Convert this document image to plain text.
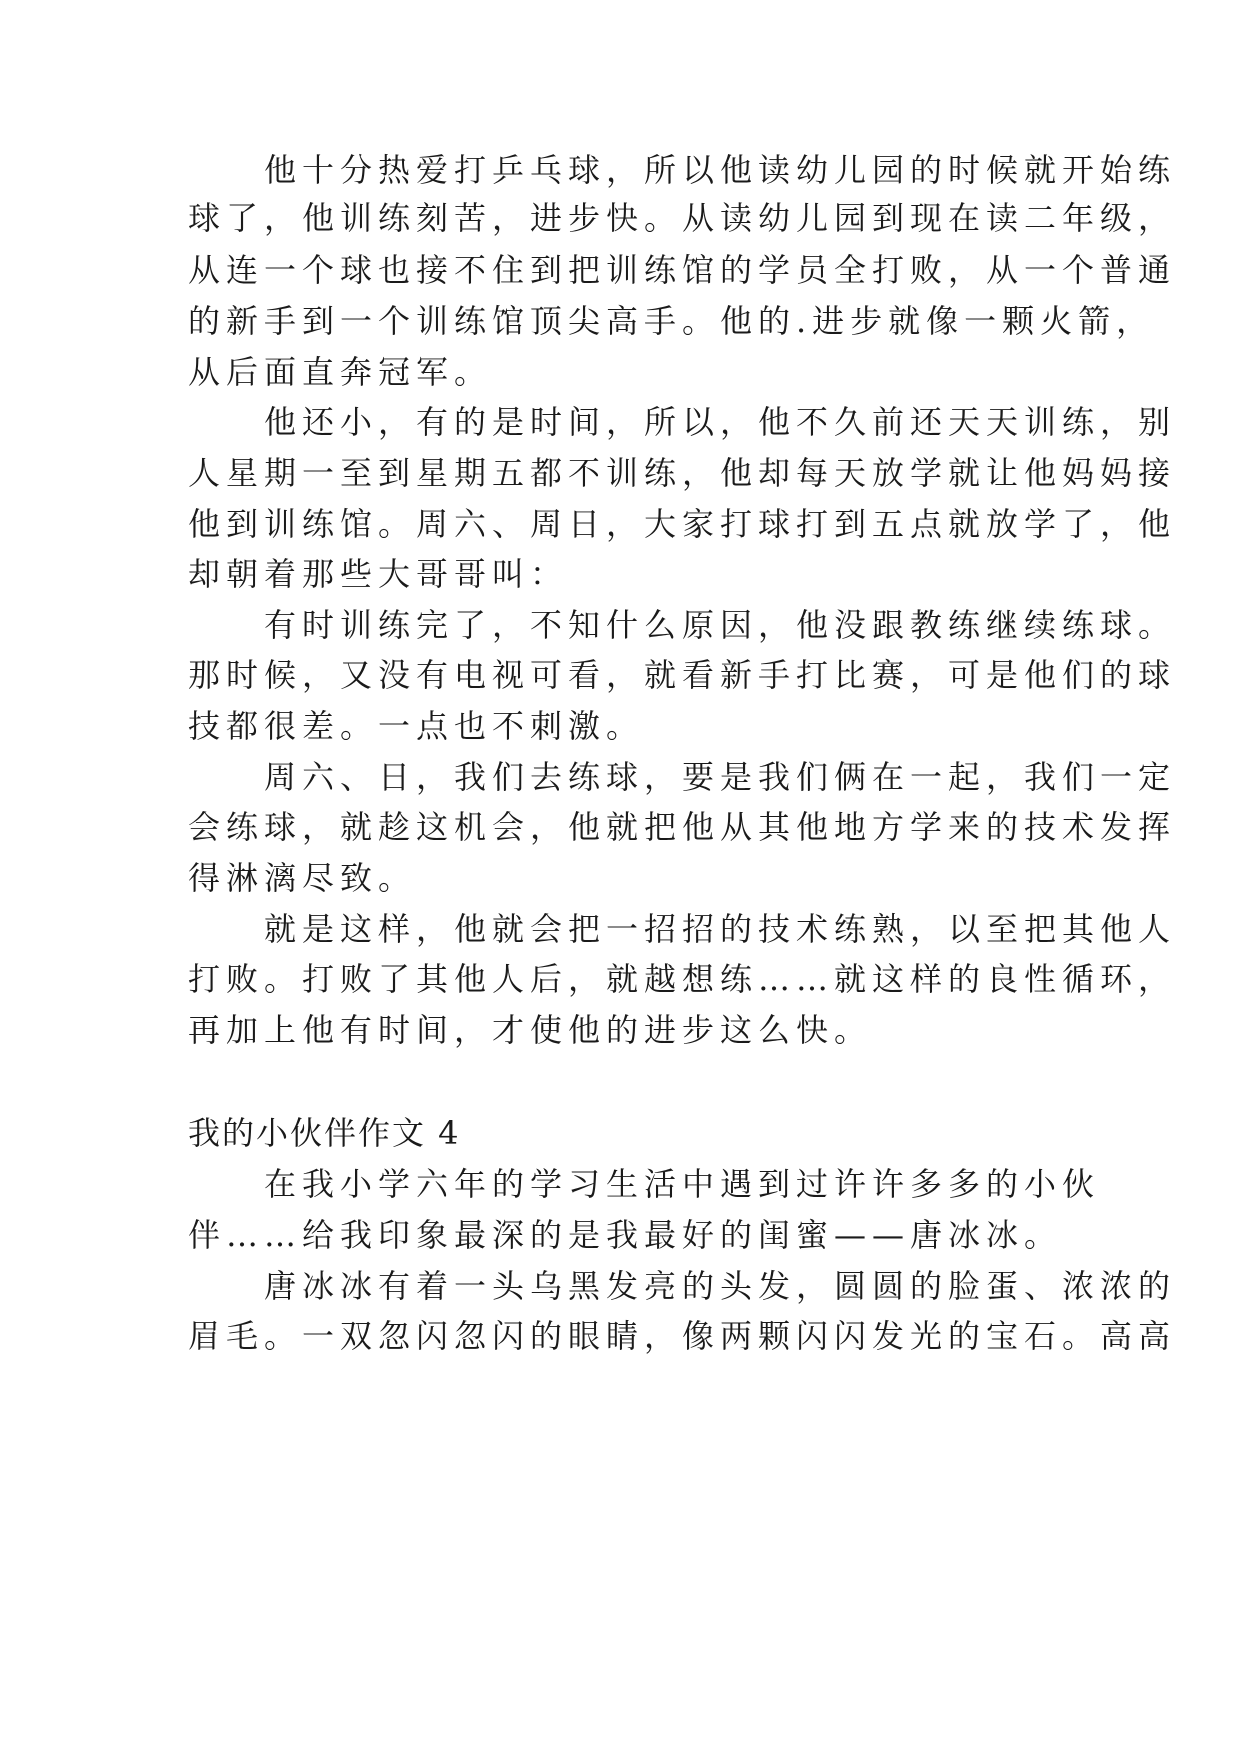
　　他十分热爱打乒乓球，所以他读幼儿园的时候就开始练
球了，他训练刻苦，进步快。从读幼儿园到现在读二年级，
从连一个球也接不住到把训练馆的学员全打败，从一个普通
的新手到一个训练馆顶尖高手。他的.进步就像一颗火箭，
从后面直奔冠军。
　　他还小，有的是时间，所以，他不久前还天天训练，别
人星期一至到星期五都不训练，他却每天放学就让他妈妈接
他到训练馆。周六、周日，大家打球打到五点就放学了，他
却朝着那些大哥哥叫：
　　有时训练完了，不知什么原因，他没跟教练继续练球。
那时候，又没有电视可看，就看新手打比赛，可是他们的球
技都很差。一点也不刺激。
　　周六、日，我们去练球，要是我们俩在一起，我们一定
会练球，就趁这机会，他就把他从其他地方学来的技术发挥
得淋漓尽致。
　　就是这样，他就会把一招招的技术练熟，以至把其他人
打败。打败了其他人后，就越想练……就这样的良性循环，
再加上他有时间，才使他的进步这么快。
我的小伙伴作文 4
　　在我小学六年的学习生活中遇到过许许多多的小伙
伴……给我印象最深的是我最好的闺蜜——唐冰冰。
　　唐冰冰有着一头乌黑发亮的头发，圆圆的脸蛋、浓浓的
眉毛。一双忽闪忽闪的眼睛，像两颗闪闪发光的宝石。高高
